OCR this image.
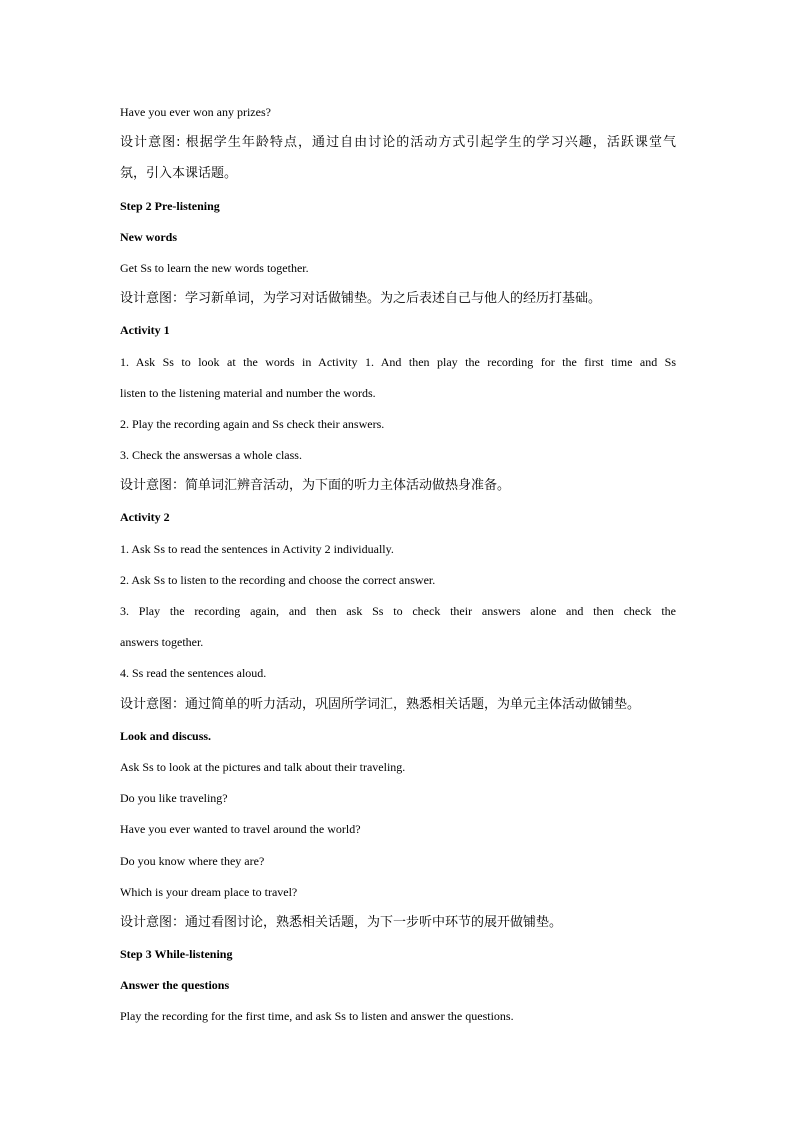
Have you ever won any prizes?
设计意图: 根据学生年龄特点，通过自由讨论的活动方式引起学生的学习兴趣，活跃课堂气
氛，引入本课话题。
Step 2 Pre-listening
New words
Get Ss to learn the new words together.
设计意图：学习新单词，为学习对话做铺垫。为之后表述自己与他人的经历打基础。
Activity 1
1. Ask Ss to look at the words in Activity 1. And then play the recording for the first time and Ss
listen to the listening material and number the words.
2. Play the recording again and Ss check their answers.
3. Check the answersas a whole class.
设计意图：简单词汇辨音活动，为下面的听力主体活动做热身准备。
Activity 2
1. Ask Ss to read the sentences in Activity 2 individually.
2. Ask Ss to listen to the recording and choose the correct answer.
3. Play the recording again, and then ask Ss to check their answers alone and then check the
answers together.
4. Ss read the sentences aloud.
设计意图：通过简单的听力活动，巩固所学词汇，熟悉相关话题，为单元主体活动做铺垫。
Look and discuss.
Ask Ss to look at the pictures and talk about their traveling.
Do you like traveling?
Have you ever wanted to travel around the world?
Do you know where they are?
Which is your dream place to travel?
设计意图：通过看图讨论，熟悉相关话题，为下一步听中环节的展开做铺垫。
Step 3 While-listening
Answer the questions
Play the recording for the first time, and ask Ss to listen and answer the questions.
